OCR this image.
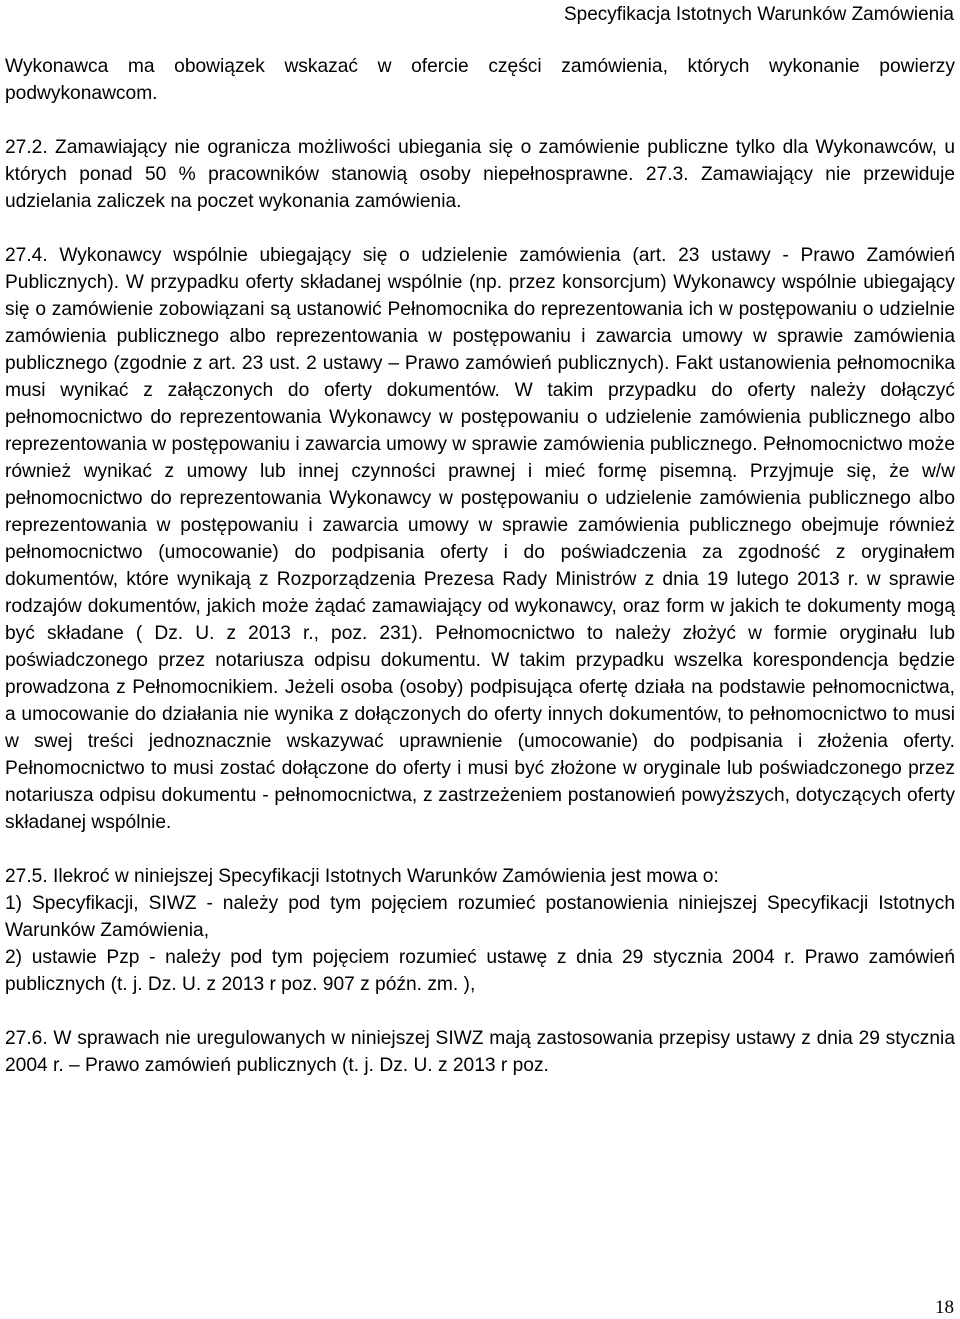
Specyfikacja Istotnych Warunków Zamówienia

Wykonawca ma obowiązek wskazać w ofercie części zamówienia, których wykonanie powierzy podwykonawcom.

27.2. Zamawiający nie ogranicza możliwości ubiegania się o zamówienie publiczne tylko dla Wykonawców, u których ponad 50 % pracowników stanowią osoby niepełnosprawne. 27.3. Zamawiający nie przewiduje udzielania zaliczek na poczet wykonania zamówienia.

27.4. Wykonawcy wspólnie ubiegający się o udzielenie zamówienia (art. 23 ustawy - Prawo Zamówień Publicznych). W przypadku oferty składanej wspólnie (np. przez konsorcjum) Wykonawcy wspólnie ubiegający się o zamówienie zobowiązani są ustanowić Pełnomocnika do reprezentowania ich w postępowaniu o udzielnie zamówienia publicznego albo reprezentowania w postępowaniu i zawarcia umowy w sprawie zamówienia publicznego (zgodnie z art. 23 ust. 2 ustawy – Prawo zamówień publicznych). Fakt ustanowienia pełnomocnika musi wynikać z załączonych do oferty dokumentów. W takim przypadku do oferty należy dołączyć pełnomocnictwo do reprezentowania Wykonawcy w postępowaniu o udzielenie zamówienia publicznego albo reprezentowania w postępowaniu i zawarcia umowy w sprawie zamówienia publicznego. Pełnomocnictwo może również wynikać z umowy lub innej czynności prawnej i mieć formę pisemną. Przyjmuje się, że w/w pełnomocnictwo do reprezentowania Wykonawcy w postępowaniu o udzielenie zamówienia publicznego albo reprezentowania w postępowaniu i zawarcia umowy w sprawie zamówienia publicznego obejmuje również pełnomocnictwo (umocowanie) do podpisania oferty i do poświadczenia za zgodność z oryginałem dokumentów, które wynikają z Rozporządzenia Prezesa Rady Ministrów z dnia 19 lutego 2013 r. w sprawie rodzajów dokumentów, jakich może żądać zamawiający od wykonawcy, oraz form w jakich te dokumenty mogą być składane ( Dz. U. z 2013 r., poz. 231). Pełnomocnictwo to należy złożyć w formie oryginału lub poświadczonego przez notariusza odpisu dokumentu. W takim przypadku wszelka korespondencja będzie prowadzona z Pełnomocnikiem. Jeżeli osoba (osoby) podpisująca ofertę działa na podstawie pełnomocnictwa, a umocowanie do działania nie wynika z dołączonych do oferty innych dokumentów, to pełnomocnictwo to musi w swej treści jednoznacznie wskazywać uprawnienie (umocowanie) do podpisania i złożenia oferty. Pełnomocnictwo to musi zostać dołączone do oferty i musi być złożone w oryginale lub poświadczonego przez notariusza odpisu dokumentu - pełnomocnictwa, z zastrzeżeniem postanowień powyższych, dotyczących oferty składanej wspólnie.

27.5. Ilekroć w niniejszej Specyfikacji Istotnych Warunków Zamówienia jest mowa o:

1) Specyfikacji, SIWZ - należy pod tym pojęciem rozumieć postanowienia niniejszej Specyfikacji Istotnych Warunków Zamówienia,

2) ustawie Pzp - należy pod tym pojęciem rozumieć ustawę z dnia 29 stycznia 2004 r. Prawo zamówień publicznych (t. j. Dz. U. z 2013 r poz. 907 z późn. zm. ),

27.6. W sprawach nie uregulowanych w niniejszej SIWZ mają zastosowania przepisy ustawy z dnia 29 stycznia 2004 r. – Prawo zamówień publicznych (t. j. Dz. U. z 2013 r poz.

18
